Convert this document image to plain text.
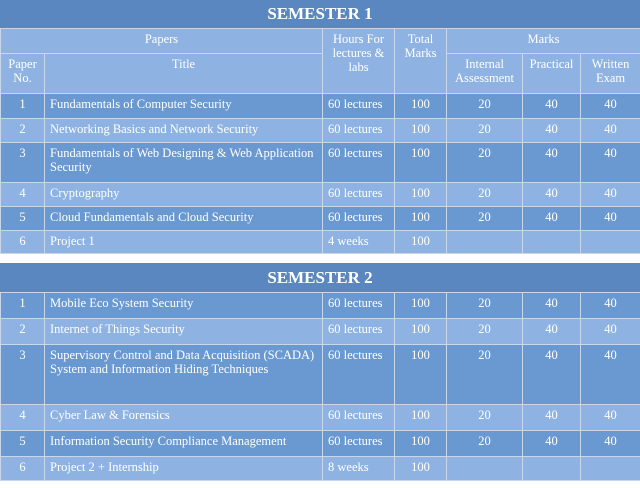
SEMESTER 1
Papers		Hours For lectures & labs	Total Marks	Marks		
Paper No.	Title			Internal Assessment	Practical	Written Exam
1	Fundamentals of Computer Security	60 lectures	100	20	40	40
2	Networking Basics and Network Security	60 lectures	100	20	40	40
3	Fundamentals of Web Designing & Web Application Security	60 lectures	100	20	40	40
4	Cryptography	60 lectures	100	20	40	40
5	Cloud Fundamentals and Cloud Security	60 lectures	100	20	40	40
6	Project 1	4 weeks	100			
SEMESTER 2
1	Mobile Eco System Security	60 lectures	100	20	40	40
2	Internet of Things Security	60 lectures	100	20	40	40
3	Supervisory Control and Data Acquisition (SCADA) System and Information Hiding Techniques	60 lectures	100	20	40	40
4	Cyber Law & Forensics	60 lectures	100	20	40	40
5	Information Security Compliance Management	60 lectures	100	20	40	40
6	Project 2 + Internship	8 weeks	100			
